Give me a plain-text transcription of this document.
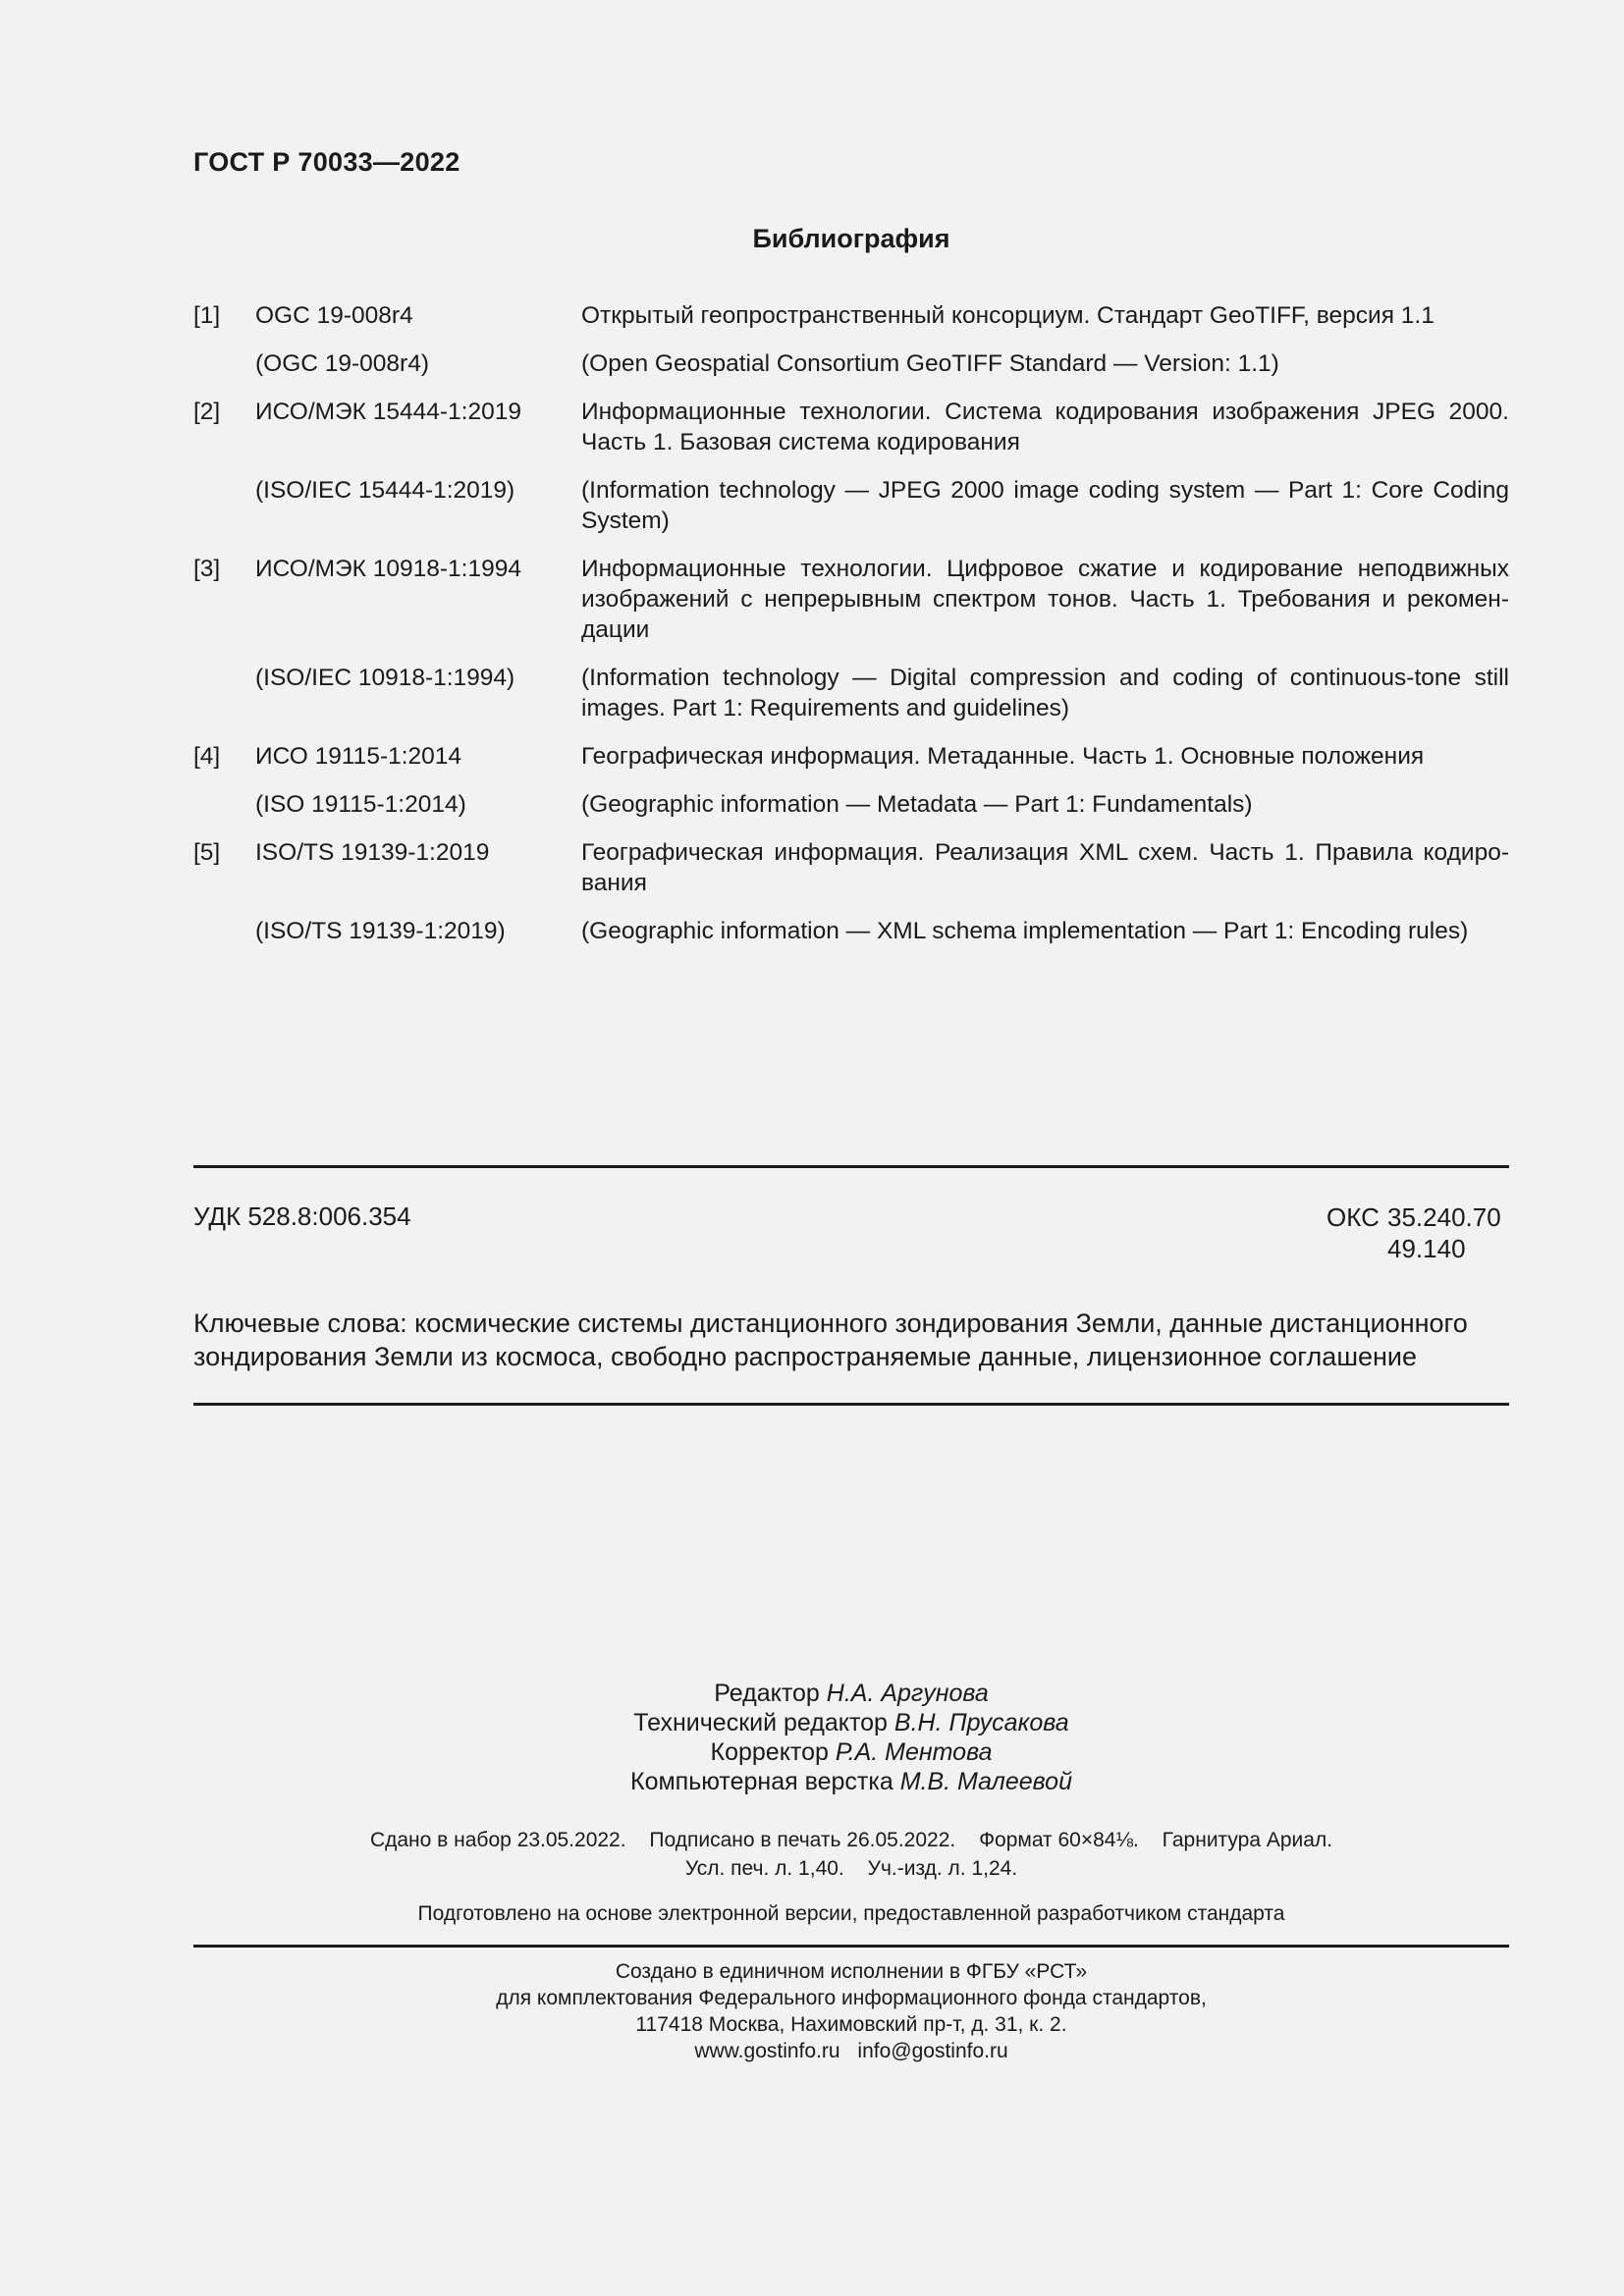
ГОСТ Р 70033—2022
Библиография
[1]	OGC 19-008r4	Открытый геопространственный консорциум. Стандарт GeoTIFF, версия 1.1
(OGC 19-008r4)	(Open Geospatial Consortium GeoTIFF Standard — Version: 1.1)
[2]	ИСО/МЭК 15444-1:2019	Информационные технологии. Система кодирования изображения JPEG 2000. Часть 1. Базовая система кодирования
(ISO/IEC 15444-1:2019)	(Information technology — JPEG 2000 image coding system — Part 1: Core Coding System)
[3]	ИСО/МЭК 10918-1:1994	Информационные технологии. Цифровое сжатие и кодирование неподвижных изображений с непрерывным спектром тонов. Часть 1. Требования и рекомендации
(ISO/IEC 10918-1:1994)	(Information technology — Digital compression and coding of continuous-tone still images. Part 1: Requirements and guidelines)
[4]	ИСО 19115-1:2014	Географическая информация. Метаданные. Часть 1. Основные положения
(ISO 19115-1:2014)	(Geographic information — Metadata — Part 1: Fundamentals)
[5]	ISO/TS 19139-1:2019	Географическая информация. Реализация XML схем. Часть 1. Правила кодирования
(ISO/TS 19139-1:2019)	(Geographic information — XML schema implementation — Part 1: Encoding rules)
УДК 528.8:006.354	ОКС 35.240.70
49.140
Ключевые слова: космические системы дистанционного зондирования Земли, данные дистанционного зондирования Земли из космоса, свободно распространяемые данные, лицензионное соглашение
Редактор Н.А. Аргунова
Технический редактор В.Н. Прусакова
Корректор Р.А. Ментова
Компьютерная верстка М.В. Малеевой
Сдано в набор 23.05.2022. Подписано в печать 26.05.2022. Формат 60×84⅛. Гарнитура Ариал.
Усл. печ. л. 1,40. Уч.-изд. л. 1,24.
Подготовлено на основе электронной версии, предоставленной разработчиком стандарта
Создано в единичном исполнении в ФГБУ «РСТ»
для комплектования Федерального информационного фонда стандартов,
117418 Москва, Нахимовский пр-т, д. 31, к. 2.
www.gostinfo.ru info@gostinfo.ru
